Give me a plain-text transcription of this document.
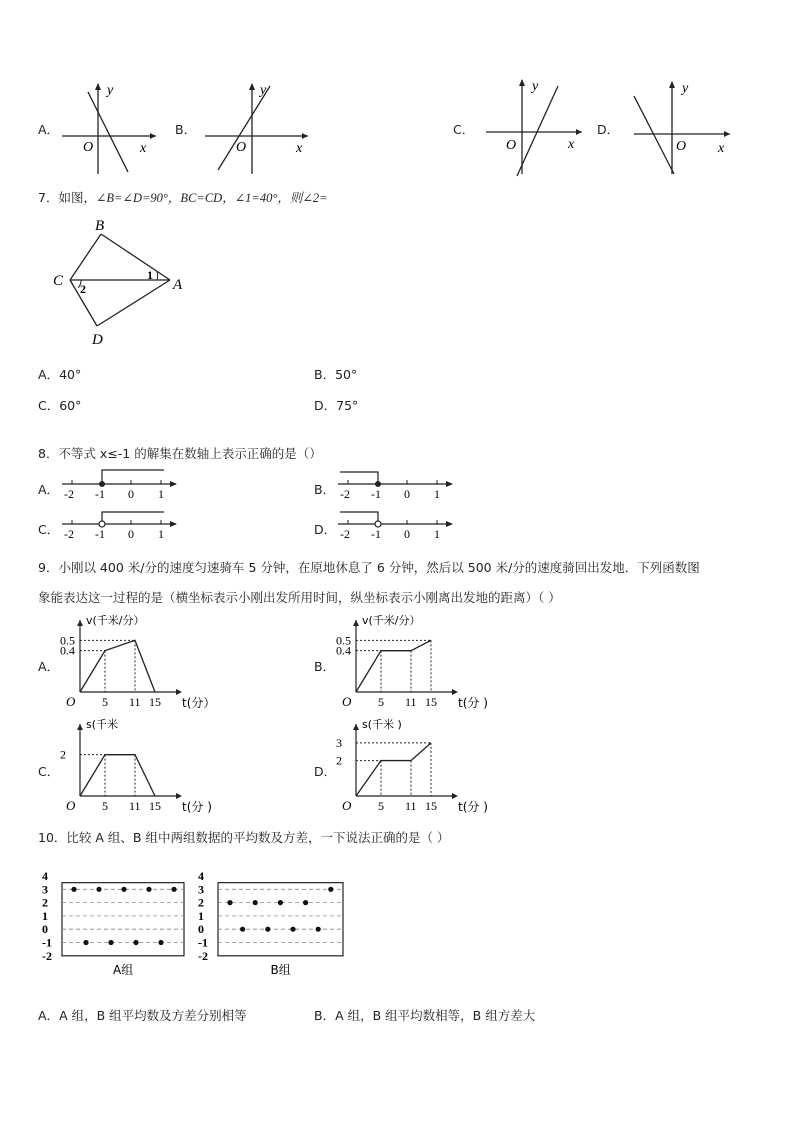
A．
y
x
O
B．
y
x
O
C．
y
x
O
D．
y
x
O
7．如图，∠B=∠D=90°，BC=CD，∠1=40°，则∠2=
B
C	A
D
1
2
A．40°	B．50°
C．60°	D．75°
8．不等式 x≤-1 的解集在数轴上表示正确的是（）
A． -2 -1 0 1	B． -2 -1 0 1
C． -2 -1 0 1	D． -2 -1 0 1
9．小刚以 400 米/分的速度匀速骑车 5 分钟，在原地休息了 6 分钟，然后以 500 米/分的速度骑回出发地．下列函数图
象能表达这一过程的是（横坐标表示小刚出发所用时间，纵坐标表示小刚离出发地的距离）（ ）
A．
v(千米/分）
t(分）
O 5 11 15
0.5
0.4
B．
v(千米/分）
t(分 )
O 5 11 15
0.5
0.4
C．
s(千米
t(分 )
O 5 11 15
2
D．
s(千米 )
t(分 )
O 5 11 15
3
2
10．比较 A 组、B 组中两组数据的平均数及方差，一下说法正确的是（ ）
4
3
2
1
0
-1
-2
A组
4
3
2
1
0
-1
-2
B组
A．A 组，B 组平均数及方差分别相等	B．A 组，B 组平均数相等，B 组方差大
